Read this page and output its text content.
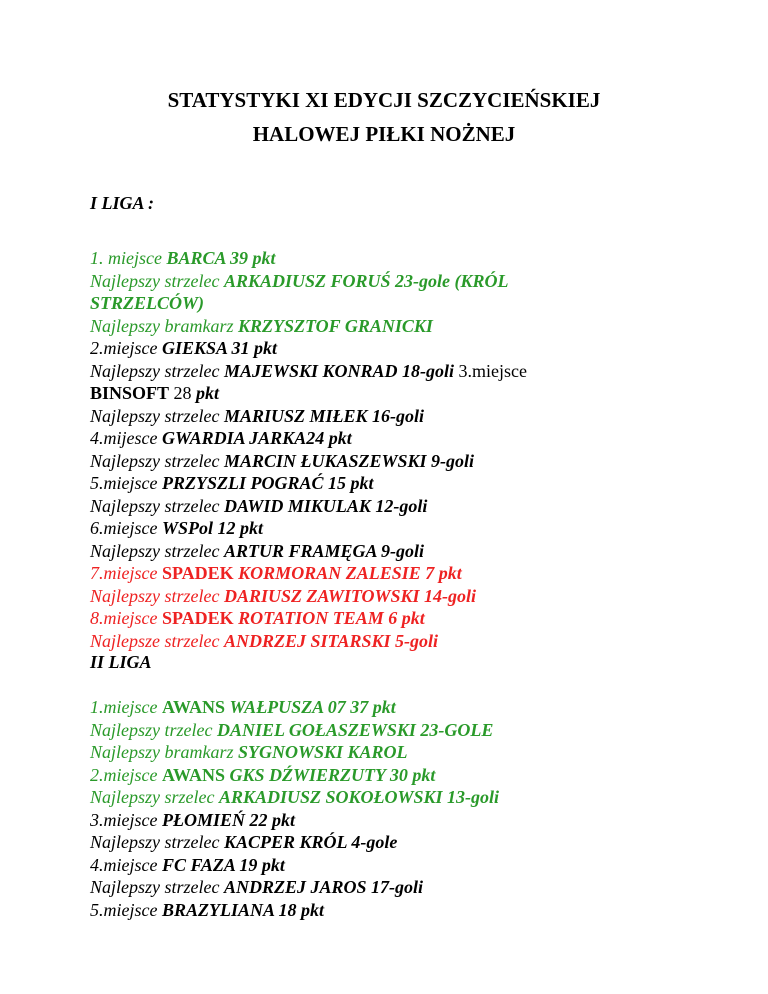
STATYSTYKI XI EDYCJI SZCZYCIEŃSKIEJ
HALOWEJ PIŁKI NOŻNEJ
I LIGA :
1. miejsce BARCA 39 pkt
Najlepszy strzelec ARKADIUSZ FORUŚ 23-gole (KRÓL
STRZELCÓW)
Najlepszy bramkarz KRZYSZTOF GRANICKI
2.miejsce GIEKSA 31 pkt
Najlepszy strzelec MAJEWSKI KONRAD 18-goli 3.miejsce
BINSOFT 28 pkt
Najlepszy strzelec MARIUSZ MIŁEK 16-goli
4.mijesce GWARDIA JARKA24 pkt
Najlepszy strzelec MARCIN ŁUKASZEWSKI 9-goli
5.miejsce PRZYSZLI POGRAĆ 15 pkt
Najlepszy strzelec DAWID MIKULAK 12-goli
6.miejsce WSPol 12 pkt
Najlepszy strzelec ARTUR FRAMĘGA 9-goli
7.miejsce SPADEK KORMORAN ZALESIE 7 pkt
Najlepszy strzelec DARIUSZ ZAWITOWSKI 14-goli
8.miejsce SPADEK ROTATION TEAM 6 pkt
Najlepsze strzelec ANDRZEJ SITARSKI 5-goli
II LIGA
1.miejsce AWANS WAŁPUSZA 07 37 pkt
Najlepszy trzelec DANIEL GOŁASZEWSKI 23-GOLE
Najlepszy bramkarz SYGNOWSKI KAROL
2.miejsce AWANS GKS DŹWIERZUTY 30 pkt
Najlepszy srzelec ARKADIUSZ SOKOŁOWSKI 13-goli
3.miejsce PŁOMIEŃ 22 pkt
Najlepszy strzelec KACPER KRÓL 4-gole
4.miejsce FC FAZA 19 pkt
Najlepszy strzelec ANDRZEJ JAROS 17-goli
5.miejsce BRAZYLIANA 18 pkt
